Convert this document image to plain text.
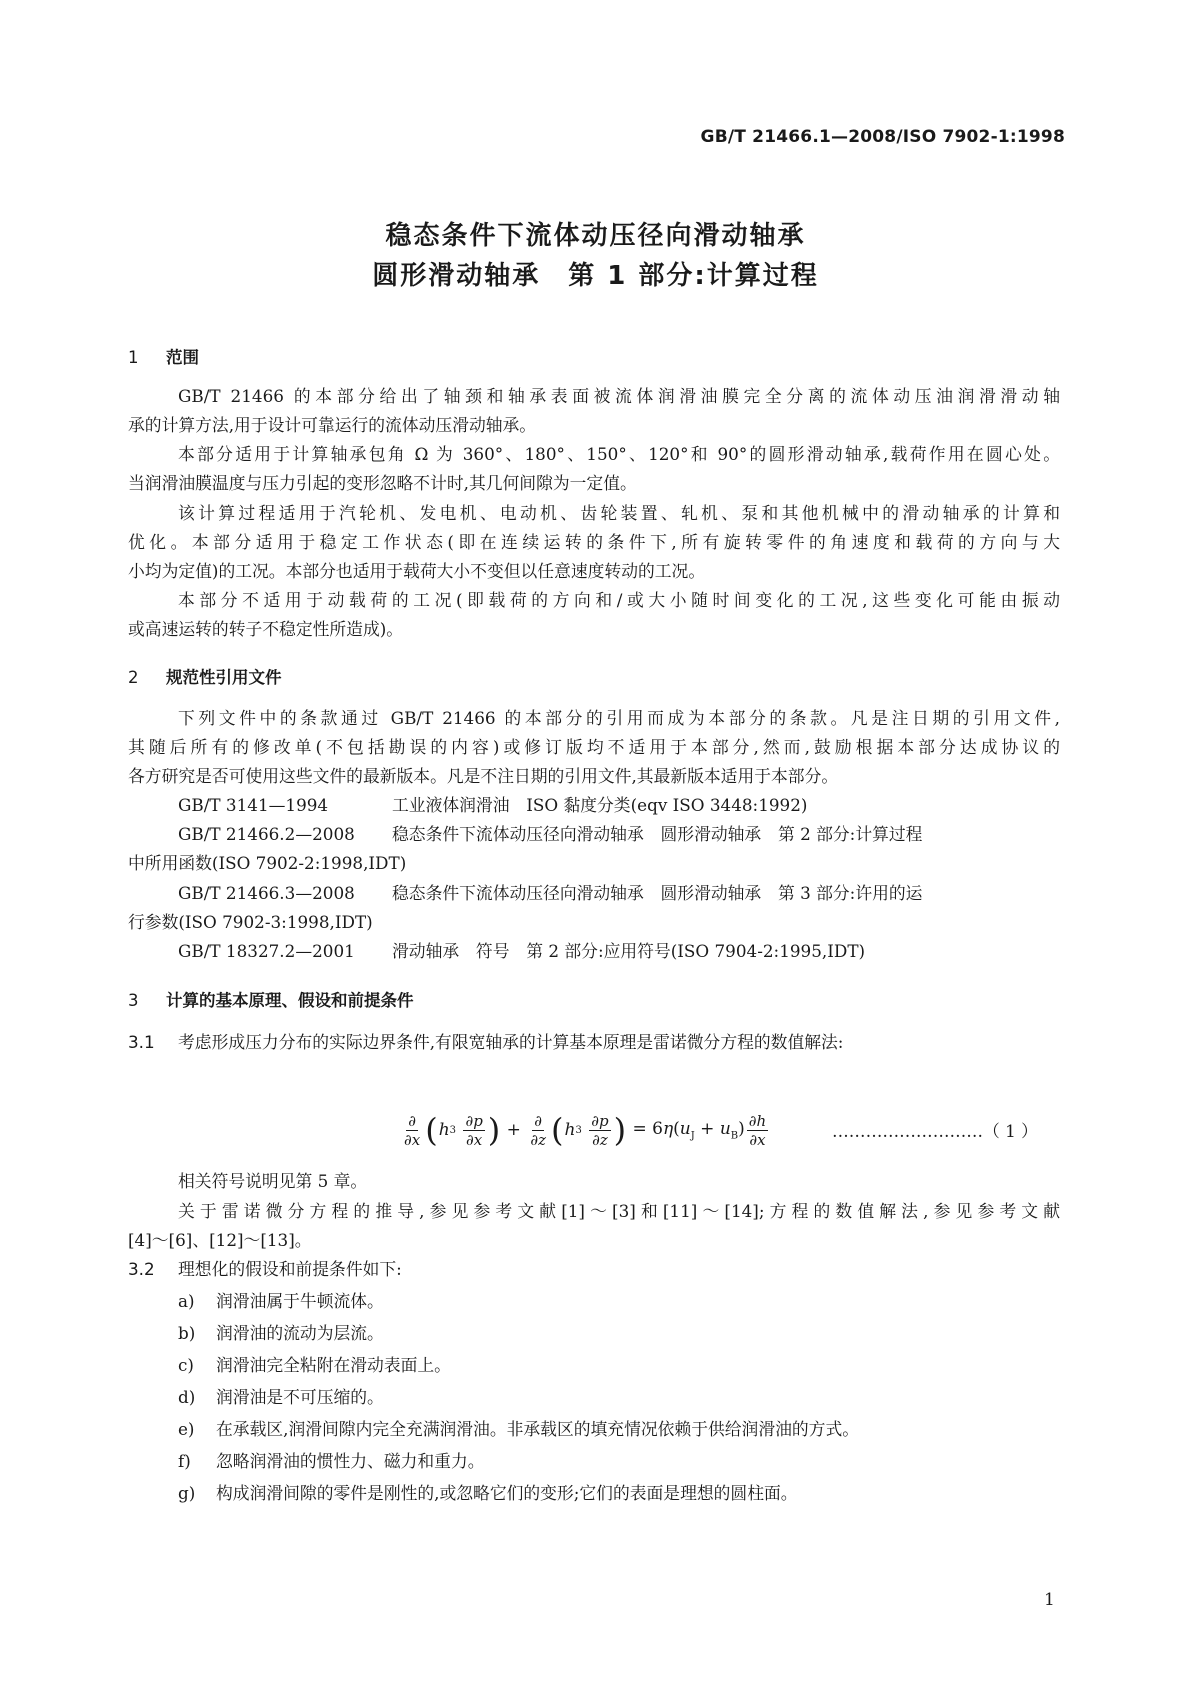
GB/T 21466.1—2008/ISO 7902-1:1998
稳态条件下流体动压径向滑动轴承
圆形滑动轴承　第 1 部分:计算过程
1 范围
GB/T 21466 的本部分给出了轴颈和轴承表面被流体润滑油膜完全分离的流体动压油润滑滑动轴
承的计算方法,用于设计可靠运行的流体动压滑动轴承。
本部分适用于计算轴承包角 Ω 为 360°、180°、150°、120°和 90°的圆形滑动轴承,载荷作用在圆心处。
当润滑油膜温度与压力引起的变形忽略不计时,其几何间隙为一定值。
该计算过程适用于汽轮机、发电机、电动机、齿轮装置、轧机、泵和其他机械中的滑动轴承的计算和
优化。本部分适用于稳定工作状态(即在连续运转的条件下,所有旋转零件的角速度和载荷的方向与大
小均为定值)的工况。本部分也适用于载荷大小不变但以任意速度转动的工况。
本部分不适用于动载荷的工况(即载荷的方向和/或大小随时间变化的工况,这些变化可能由振动
或高速运转的转子不稳定性所造成)。
2 规范性引用文件
下列文件中的条款通过 GB/T 21466 的本部分的引用而成为本部分的条款。凡是注日期的引用文件,
其随后所有的修改单(不包括勘误的内容)或修订版均不适用于本部分,然而,鼓励根据本部分达成协议的
各方研究是否可使用这些文件的最新版本。凡是不注日期的引用文件,其最新版本适用于本部分。
GB/T 3141—1994	工业液体润滑油　ISO 黏度分类(eqv ISO 3448:1992)
GB/T 21466.2—2008 稳态条件下流体动压径向滑动轴承　圆形滑动轴承　第 2 部分:计算过程
中所用函数(ISO 7902-2:1998,IDT)
GB/T 21466.3—2008 稳态条件下流体动压径向滑动轴承　圆形滑动轴承　第 3 部分:许用的运
行参数(ISO 7902-3:1998,IDT)
GB/T 18327.2—2001 滑动轴承　符号　第 2 部分:应用符号(ISO 7904-2:1995,IDT)
3 计算的基本原理、假设和前提条件
3.1 考虑形成压力分布的实际边界条件,有限宽轴承的计算基本原理是雷诺微分方程的数值解法:
$\frac{\partial}{\partial x}$ ( h 3
$\frac{\partial p}{\partial x}$ ) + $\frac{\partial}{\partial z}$ ( h 3
$\frac{\partial p}{\partial z}$ ) = $6\eta(u_J + u_B) \frac{\partial h}{\partial x}$	………………………（ 1 ）
相关符号说明见第 5 章。
关于雷诺微分方程的推导,参见参考文献[1]～[3]和[11]～[14];方程的数值解法,参见参考文献
[4]～[6]、[12]～[13]。
3.2 理想化的假设和前提条件如下:
a) 润滑油属于牛顿流体。
b) 润滑油的流动为层流。
c) 润滑油完全粘附在滑动表面上。
d) 润滑油是不可压缩的。
e) 在承载区,润滑间隙内完全充满润滑油。非承载区的填充情况依赖于供给润滑油的方式。
f) 忽略润滑油的惯性力、磁力和重力。
g) 构成润滑间隙的零件是刚性的,或忽略它们的变形;它们的表面是理想的圆柱面。
1
